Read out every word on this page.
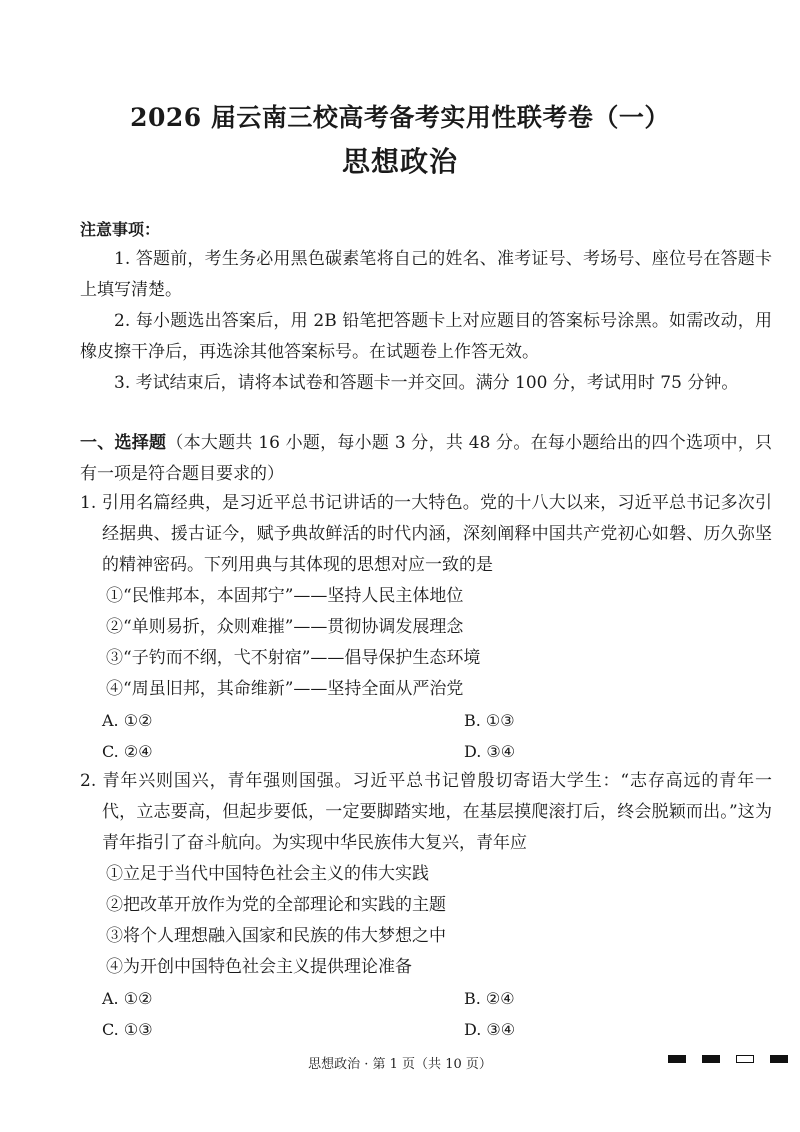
2026 届云南三校高考备考实用性联考卷（一）
思想政治
注意事项：

1. 答题前，考生务必用黑色碳素笔将自己的姓名、准考证号、考场号、座位号在答题卡上填写清楚。

2. 每小题选出答案后，用 2B 铅笔把答题卡上对应题目的答案标号涂黑。如需改动，用橡皮擦干净后，再选涂其他答案标号。在试题卷上作答无效。

3. 考试结束后，请将本试卷和答题卡一并交回。满分 100 分，考试用时 75 分钟。

一、选择题（本大题共 16 小题，每小题 3 分，共 48 分。在每小题给出的四个选项中，只有一项是符合题目要求的）
1. 引用名篇经典，是习近平总书记讲话的一大特色。党的十八大以来，习近平总书记多次引经据典、援古证今，赋予典故鲜活的时代内涵，深刻阐释中国共产党初心如磐、历久弥坚的精神密码。下列用典与其体现的思想对应一致的是
①“民惟邦本，本固邦宁”——坚持人民主体地位
②“单则易折，众则难摧”——贯彻协调发展理念
③“子钓而不纲，弋不射宿”——倡导保护生态环境
④“周虽旧邦，其命维新”——坚持全面从严治党
A. ①②	B. ①③
C. ②④	D. ③④
2. 青年兴则国兴，青年强则国强。习近平总书记曾殷切寄语大学生：“志存高远的青年一代，立志要高，但起步要低，一定要脚踏实地，在基层摸爬滚打后，终会脱颖而出。”这为青年指引了奋斗航向。为实现中华民族伟大复兴，青年应
①立足于当代中国特色社会主义的伟大实践
②把改革开放作为党的全部理论和实践的主题
③将个人理想融入国家和民族的伟大梦想之中
④为开创中国特色社会主义提供理论准备
A. ①②	B. ②④
C. ①③	D. ③④
思想政治 · 第 1 页（共 10 页）
